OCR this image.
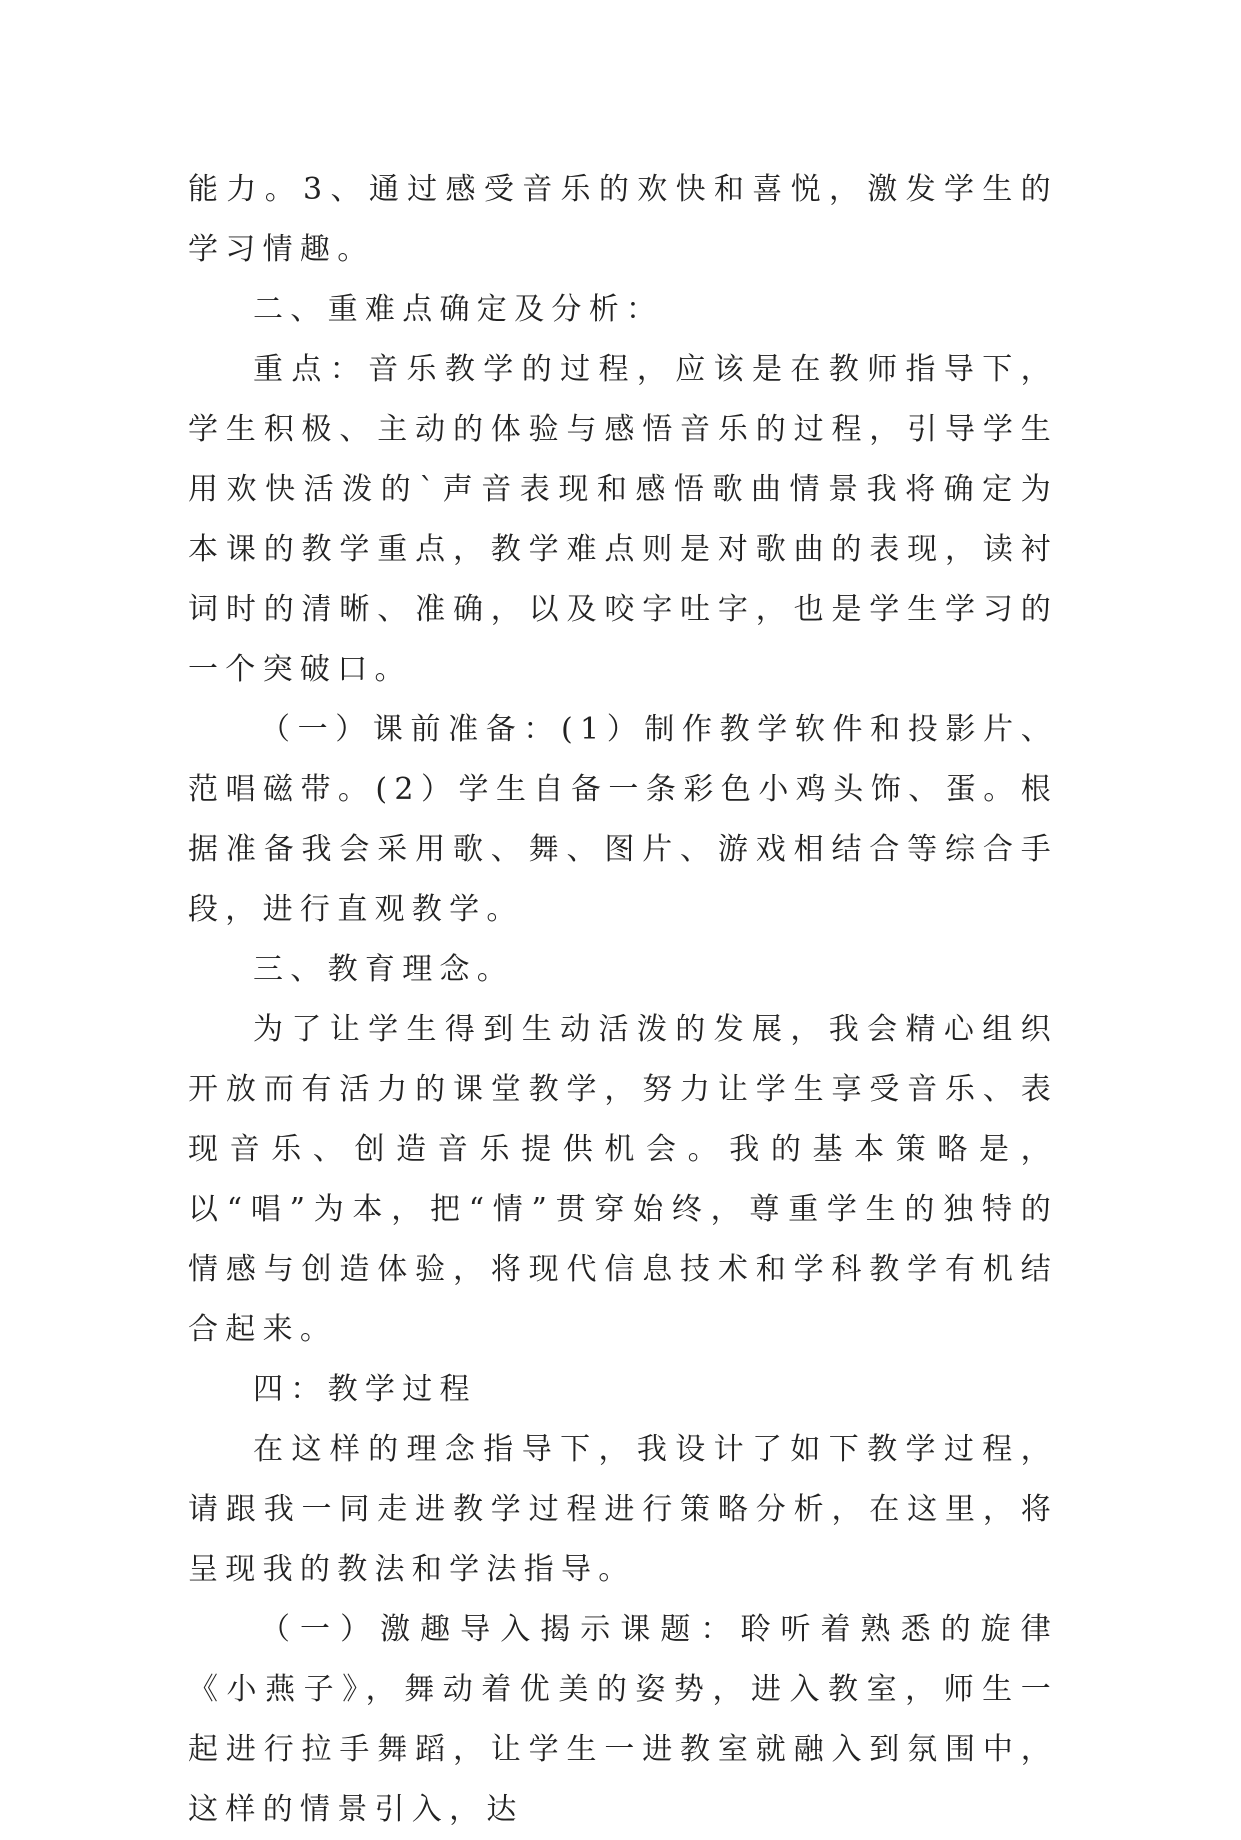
能力。3、通过感受音乐的欢快和喜悦，激发学生的学习情趣。

二、重难点确定及分析：

重点：音乐教学的过程，应该是在教师指导下，学生积极、主动的体验与感悟音乐的过程，引导学生用欢快活泼的`声音表现和感悟歌曲情景我将确定为本课的教学重点，教学难点则是对歌曲的表现，读衬词时的清晰、准确，以及咬字吐字，也是学生学习的一个突破口。

（一）课前准备：(1）制作教学软件和投影片、范唱磁带。(2）学生自备一条彩色小鸡头饰、蛋。根据准备我会采用歌、舞、图片、游戏相结合等综合手段，进行直观教学。

三、教育理念。

为了让学生得到生动活泼的发展，我会精心组织开放而有活力的课堂教学，努力让学生享受音乐、表现音乐、创造音乐提供机会。我的基本策略是，以“唱”为本，把“情”贯穿始终，尊重学生的独特的情感与创造体验，将现代信息技术和学科教学有机结合起来。

四：教学过程

在这样的理念指导下，我设计了如下教学过程，请跟我一同走进教学过程进行策略分析，在这里，将呈现我的教法和学法指导。

（一）激趣导入揭示课题：聆听着熟悉的旋律《小燕子》，舞动着优美的姿势，进入教室，师生一起进行拉手舞蹈，让学生一进教室就融入到氛围中，这样的情景引入，达
